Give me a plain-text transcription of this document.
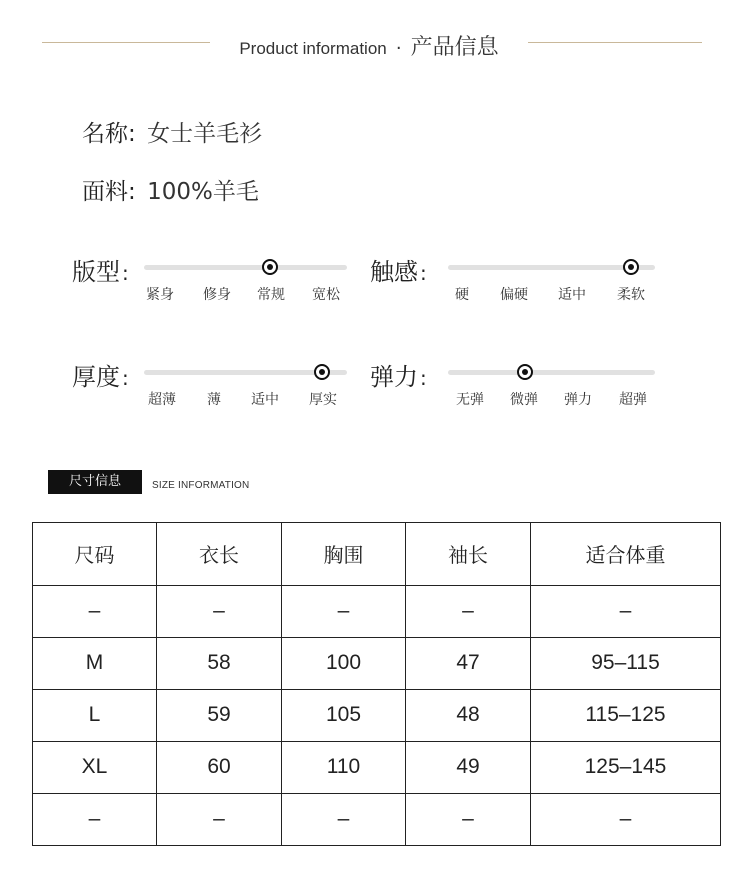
Product information · 产品信息
名称: 女士羊毛衫
面料: 100%羊毛
版型 :
紧身 修身 常规 宽松
触感 :
硬 偏硬 适中 柔软
厚度 :
超薄 薄 适中 厚实
弹力 :
无弹 微弹 弹力 超弹
尺寸信息	SIZE INFORMATION
尺码	衣长	胸围	袖长	适合体重
–	–	–	–	–
M	58	100	47	95–115
L	59	105	48	115–125
XL	60	110	49	125–145
–	–	–	–	–
